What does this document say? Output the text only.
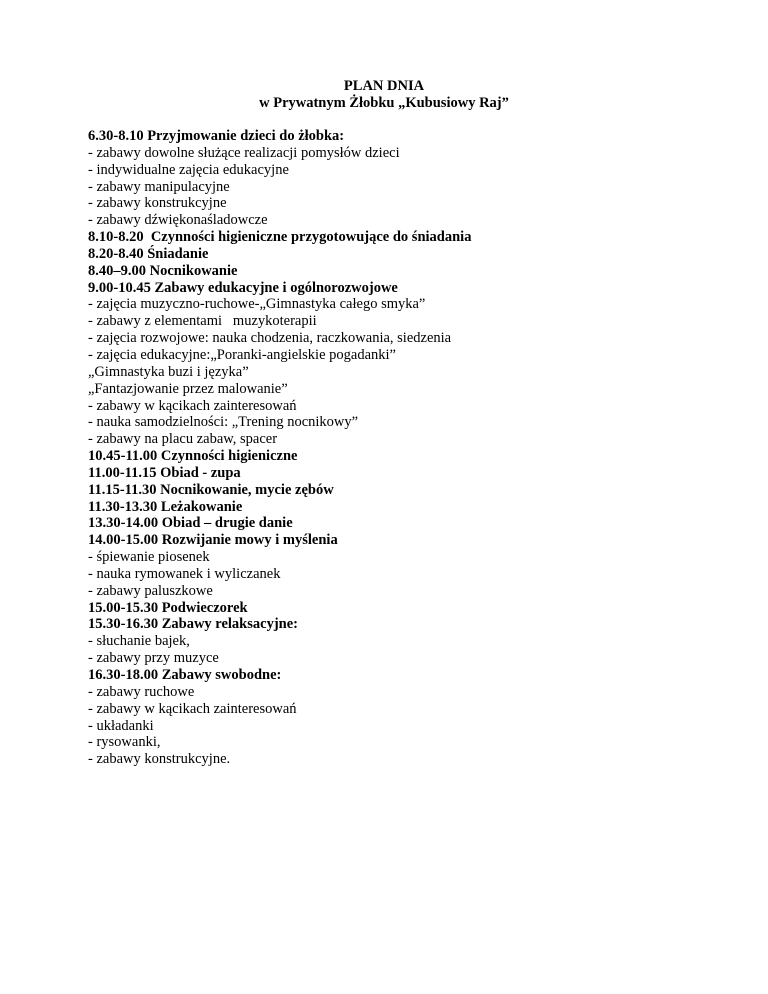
PLAN DNIA
w Prywatnym Żłobku „Kubusiowy Raj”
6.30-8.10 Przyjmowanie dzieci do żłobka:
- zabawy dowolne służące realizacji pomysłów dzieci
- indywidualne zajęcia edukacyjne
- zabawy manipulacyjne
- zabawy konstrukcyjne
- zabawy dźwiękonaśladowcze
8.10-8.20  Czynności higieniczne przygotowujące do śniadania
8.20-8.40 Śniadanie
8.40–9.00 Nocnikowanie
9.00-10.45 Zabawy edukacyjne i ogólnorozwojowe
- zajęcia muzyczno-ruchowe-„Gimnastyka całego smyka”
- zabawy z elementami   muzykoterapii
- zajęcia rozwojowe: nauka chodzenia, raczkowania, siedzenia
- zajęcia edukacyjne:„Poranki-angielskie pogadanki”
„Gimnastyka buzi i języka”
„Fantazjowanie przez malowanie”
- zabawy w kącikach zainteresowań
- nauka samodzielności: „Trening nocnikowy”
- zabawy na placu zabaw, spacer
10.45-11.00 Czynności higieniczne
11.00-11.15 Obiad - zupa
11.15-11.30 Nocnikowanie, mycie zębów
11.30-13.30 Leżakowanie
13.30-14.00 Obiad – drugie danie
14.00-15.00 Rozwijanie mowy i myślenia
- śpiewanie piosenek
- nauka rymowanek i wyliczanek
- zabawy paluszkowe
15.00-15.30 Podwieczorek
15.30-16.30 Zabawy relaksacyjne:
- słuchanie bajek,
- zabawy przy muzyce
16.30-18.00 Zabawy swobodne:
- zabawy ruchowe
- zabawy w kącikach zainteresowań
- układanki
- rysowanki,
- zabawy konstrukcyjne.
